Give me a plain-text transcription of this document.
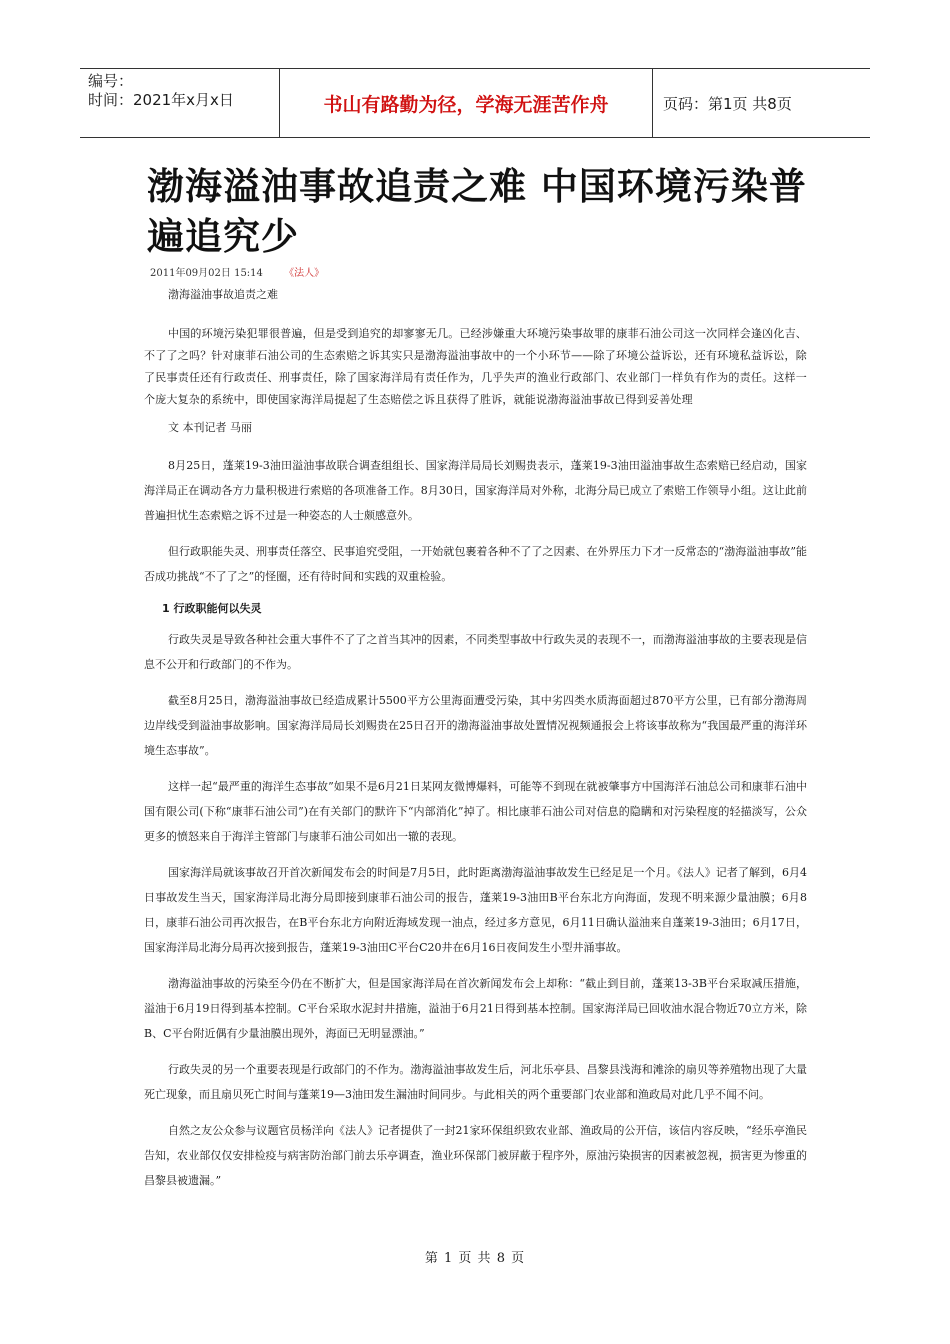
编号：
时间：2021年x月x日	书山有路勤为径，学海无涯苦作舟	页码：第1页 共8页
渤海溢油事故追责之难 中国环境污染普遍追究少
2011年09月02日 15:14 《法人》
渤海溢油事故追责之难

中国的环境污染犯罪很普遍，但是受到追究的却寥寥无几。已经涉嫌重大环境污染事故罪的康菲石油公司这一次同样会逢凶化吉、不了了之吗？针对康菲石油公司的生态索赔之诉其实只是渤海溢油事故中的一个小环节——除了环境公益诉讼，还有环境私益诉讼，除了民事责任还有行政责任、刑事责任，除了国家海洋局有责任作为，几乎失声的渔业行政部门、农业部门一样负有作为的责任。这样一个庞大复杂的系统中，即使国家海洋局提起了生态赔偿之诉且获得了胜诉，就能说渤海溢油事故已得到妥善处理

文 本刊记者 马丽

8月25日，蓬莱19-3油田溢油事故联合调查组组长、国家海洋局局长刘赐贵表示，蓬莱19-3油田溢油事故生态索赔已经启动，国家海洋局正在调动各方力量积极进行索赔的各项准备工作。8月30日，国家海洋局对外称，北海分局已成立了索赔工作领导小组。这让此前普遍担忧生态索赔之诉不过是一种姿态的人士颇感意外。

但行政职能失灵、刑事责任落空、民事追究受阻，一开始就包裹着各种不了了之因素、在外界压力下才一反常态的“渤海溢油事故”能否成功挑战“不了了之”的怪圈，还有待时间和实践的双重检验。

1 行政职能何以失灵

行政失灵是导致各种社会重大事件不了了之首当其冲的因素，不同类型事故中行政失灵的表现不一，而渤海溢油事故的主要表现是信息不公开和行政部门的不作为。

截至8月25日，渤海溢油事故已经造成累计5500平方公里海面遭受污染，其中劣四类水质海面超过870平方公里，已有部分渤海周边岸线受到溢油事故影响。国家海洋局局长刘赐贵在25日召开的渤海溢油事故处置情况视频通报会上将该事故称为“我国最严重的海洋环境生态事故”。

这样一起“最严重的海洋生态事故”如果不是6月21日某网友微博爆料，可能等不到现在就被肇事方中国海洋石油总公司和康菲石油中国有限公司(下称“康菲石油公司”)在有关部门的默许下“内部消化”掉了。相比康菲石油公司对信息的隐瞒和对污染程度的轻描淡写，公众更多的愤怒来自于海洋主管部门与康菲石油公司如出一辙的表现。

国家海洋局就该事故召开首次新闻发布会的时间是7月5日，此时距离渤海溢油事故发生已经足足一个月。《法人》记者了解到，6月4日事故发生当天，国家海洋局北海分局即接到康菲石油公司的报告，蓬莱19-3油田B平台东北方向海面，发现不明来源少量油膜；6月8日，康菲石油公司再次报告，在B平台东北方向附近海域发现一油点，经过多方意见，6月11日确认溢油来自蓬莱19-3油田；6月17日，国家海洋局北海分局再次接到报告，蓬莱19-3油田C平台C20井在6月16日夜间发生小型井涌事故。

渤海溢油事故的污染至今仍在不断扩大，但是国家海洋局在首次新闻发布会上却称：“截止到目前，蓬莱13-3B平台采取减压措施，溢油于6月19日得到基本控制。C平台采取水泥封井措施，溢油于6月21日得到基本控制。国家海洋局已回收油水混合物近70立方米，除B、C平台附近偶有少量油膜出现外，海面已无明显漂油。”

行政失灵的另一个重要表现是行政部门的不作为。渤海溢油事故发生后，河北乐亭县、昌黎县浅海和滩涂的扇贝等养殖物出现了大量死亡现象，而且扇贝死亡时间与蓬莱19—3油田发生漏油时间同步。与此相关的两个重要部门农业部和渔政局对此几乎不闻不问。

自然之友公众参与议题官员杨洋向《法人》记者提供了一封21家环保组织致农业部、渔政局的公开信，该信内容反映，“经乐亭渔民告知，农业部仅仅安排检疫与病害防治部门前去乐亭调查，渔业环保部门被屏蔽于程序外，原油污染损害的因素被忽视，损害更为惨重的昌黎县被遗漏。”

第 1 页 共 8 页
